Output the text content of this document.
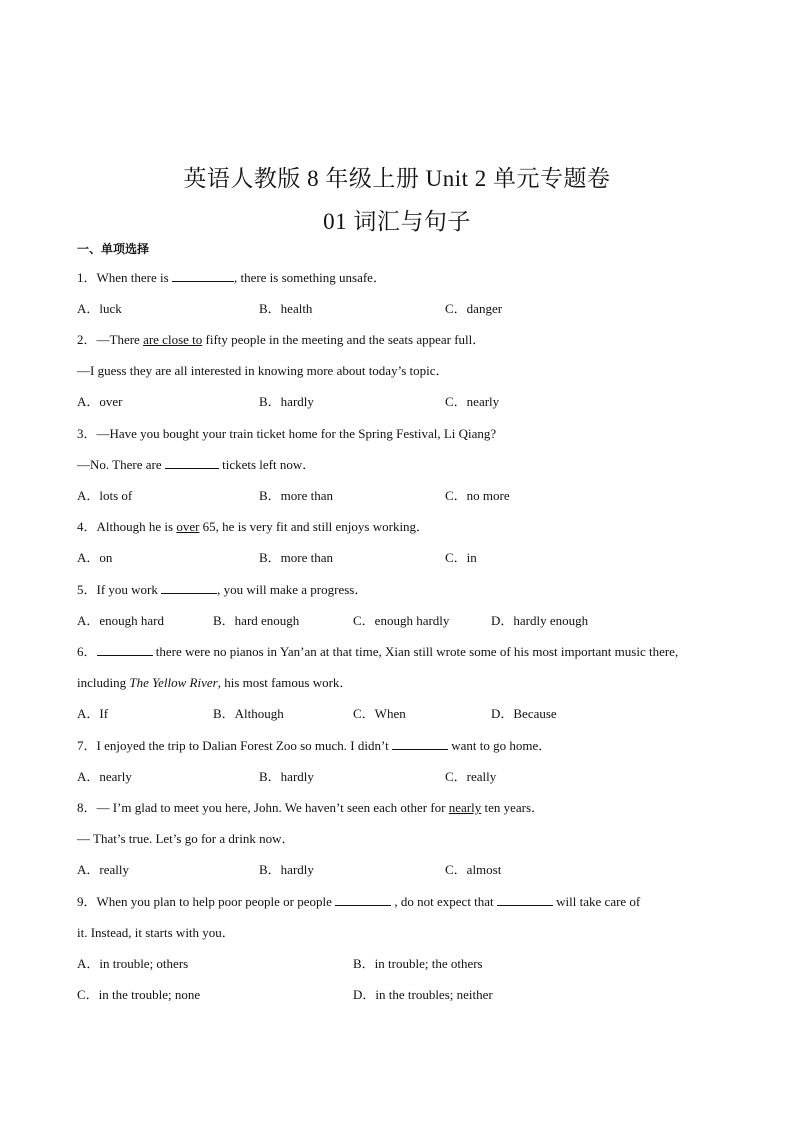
英语人教版 8 年级上册 Unit 2 单元专题卷
01 词汇与句子
一、单项选择
1．When there is	, there is something unsafe．
A．luck	B．health	C．danger
2．—There are close to fifty people in the meeting and the seats appear full．
—I guess they are all interested in knowing more about today’s topic．
A．over	B．hardly	C．nearly
3．—Have you bought your train ticket home for the Spring Festival, Li Qiang?
—No. There are	tickets left now．
A．lots of	B．more than	C．no more
4．Although he is over 65, he is very fit and still enjoys working．
A．on	B．more than	C．in
5．If you work	, you will make a progress．
A．enough hard	B．hard enough	C．enough hardly	D．hardly enough
6．	there were no pianos in Yan’an at that time, Xian still wrote some of his most important music there,
including The Yellow River, his most famous work．
A．If	B．Although	C．When	D．Because
7．I enjoyed the trip to Dalian Forest Zoo so much. I didn’t	want to go home．
A．nearly	B．hardly	C．really
8．— I’m glad to meet you here, John. We haven’t seen each other for nearly ten years．
— That’s true. Let’s go for a drink now．
A．really	B．hardly	C．almost
9．When you plan to help poor people or people	, do not expect that	will take care of
it. Instead, it starts with you．
A．in trouble; others	B．in trouble; the others
C．in the trouble; none	D．in the troubles; neither
